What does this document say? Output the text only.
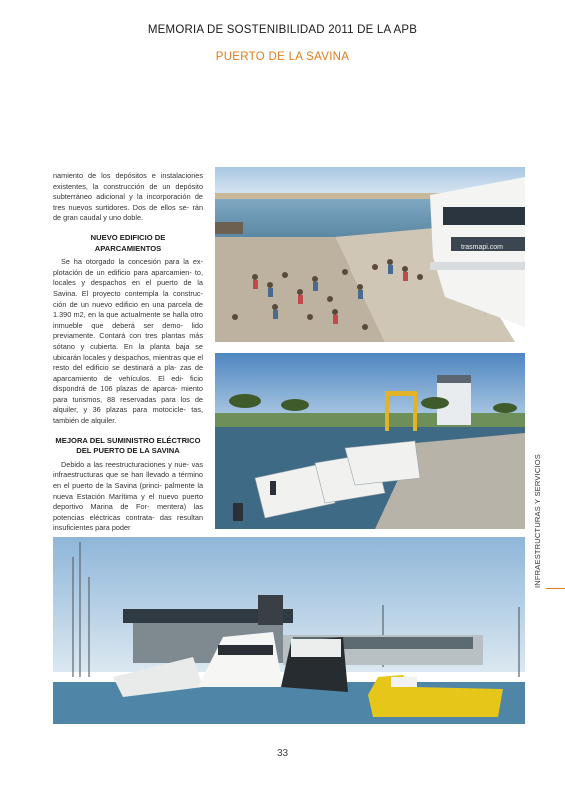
MEMORIA DE SOSTENIBILIDAD 2011 DE LA APB
PUERTO DE LA SAVINA

namiento de los depósitos e instalaciones existentes, la construcción de un depósito subterráneo adicional y la incorporación de tres nuevos surtidores. Dos de ellos se- rán de gran caudal y uno doble.

NUEVO EDIFICIO DE
APARCAMIENTOS

Se ha otorgado la concesión para la ex- plotación de un edificio para aparcamien- to, locales y despachos en el puerto de la Savina. El proyecto contempla la construc- ción de un nuevo edificio en una parcela de 1.390 m2, en la que actualmente se halla otro inmueble que deberá ser demo- lido previamente. Contará con tres plantas más sótano y cubierta. En la planta baja se ubicarán locales y despachos, mientras que el resto del edificio se destinará a pla- zas de aparcamiento de vehículos. El edi- ficio dispondrá de 106 plazas de aparca- miento para turismos, 88 reservadas para los de alquiler, y 36 plazas para motocicle- tas, también de alquiler.

MEJORA DEL SUMINISTRO ELÉCTRICO
DEL PUERTO DE LA SAVINA

Debido a las reestructuraciones y nue- vas infraestructuras que se han llevado a término en el puerto de la Savina (princi- palmente la nueva Estación Marítima y el nuevo puerto deportivo Marina de For- mentera) las potencias eléctricas contrata- das resultan insuficientes para poder

trasmapi.com
INFRAESTRUCTURAS Y SERVICIOS
33
